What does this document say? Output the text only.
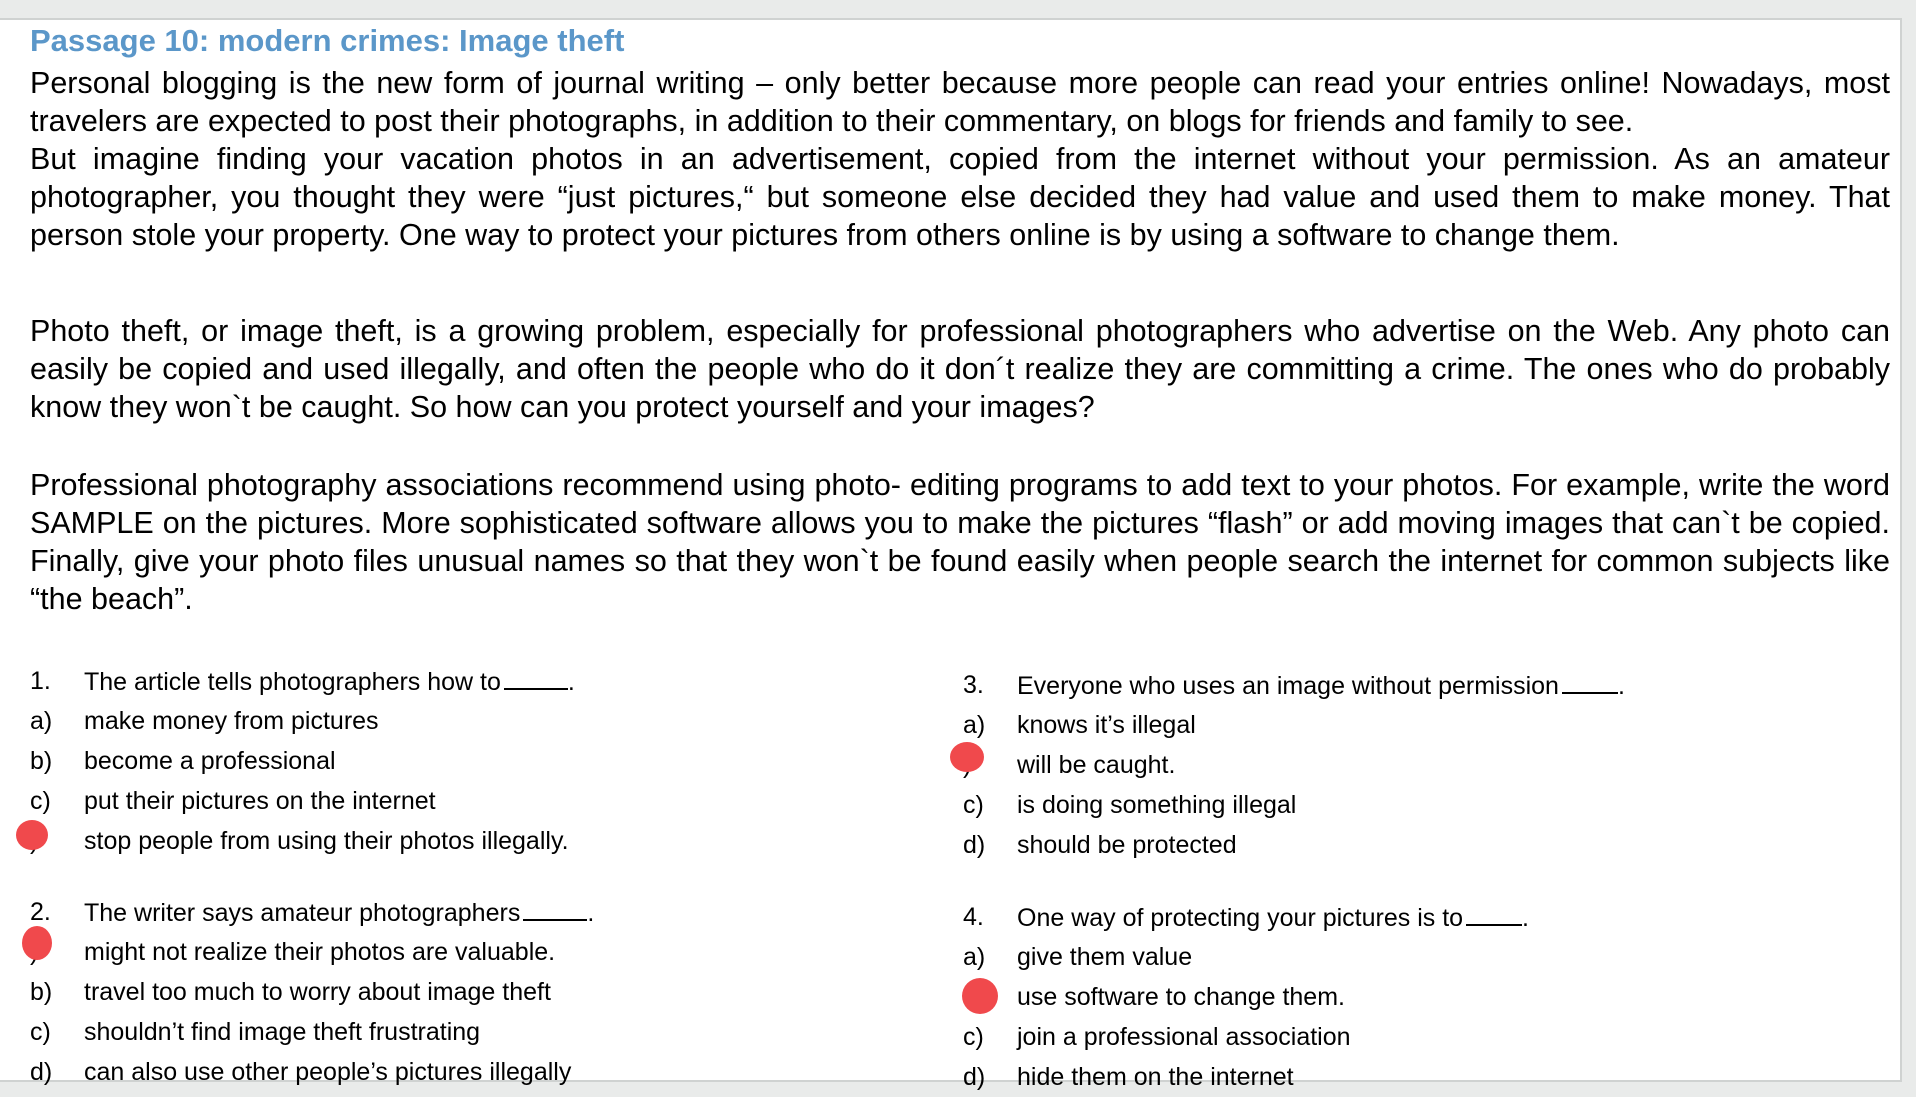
Passage 10: modern crimes: Image theft

Personal blogging is the new form of journal writing – only better because more people can read your entries online! Nowadays, most travelers are expected to post their photographs, in addition to their commentary, on blogs for friends and family to see.

But imagine finding your vacation photos in an advertisement, copied from the internet without your permission. As an amateur photographer, you thought they were “just pictures,“ but someone else decided they had value and used them to make money. That person stole your property. One way to protect your pictures from others online is by using a software to change them.

Photo theft, or image theft, is a growing problem, especially for professional photographers who advertise on the Web. Any photo can easily be copied and used illegally, and often the people who do it don´t realize they are committing a crime. The ones who do probably know they won`t be caught. So how can you protect yourself and your images?

Professional photography associations recommend using photo- editing programs to add text to your photos. For example, write the word SAMPLE on the pictures. More sophisticated software allows you to make the pictures “flash” or add moving images that can`t be copied. Finally, give your photo files unusual names so that they won`t be found easily when people search the internet for common subjects like “the beach”.

1. The article tells photographers how to	.
a) make money from pictures
b) become a professional
c) put their pictures on the internet
stop people from using their photos illegally.
2. The writer says amateur photographers	.
might not realize their photos are valuable.
b) travel too much to worry about image theft
c) shouldn’t find image theft frustrating
d) can also use other people’s pictures illegally
3. Everyone who uses an image without permission .
a) knows it’s illegal
will be caught.
c) is doing something illegal
d) should be protected
4. One way of protecting your pictures is to .
a) give them value
use software to change them.
c) join a professional association
d) hide them on the internet
